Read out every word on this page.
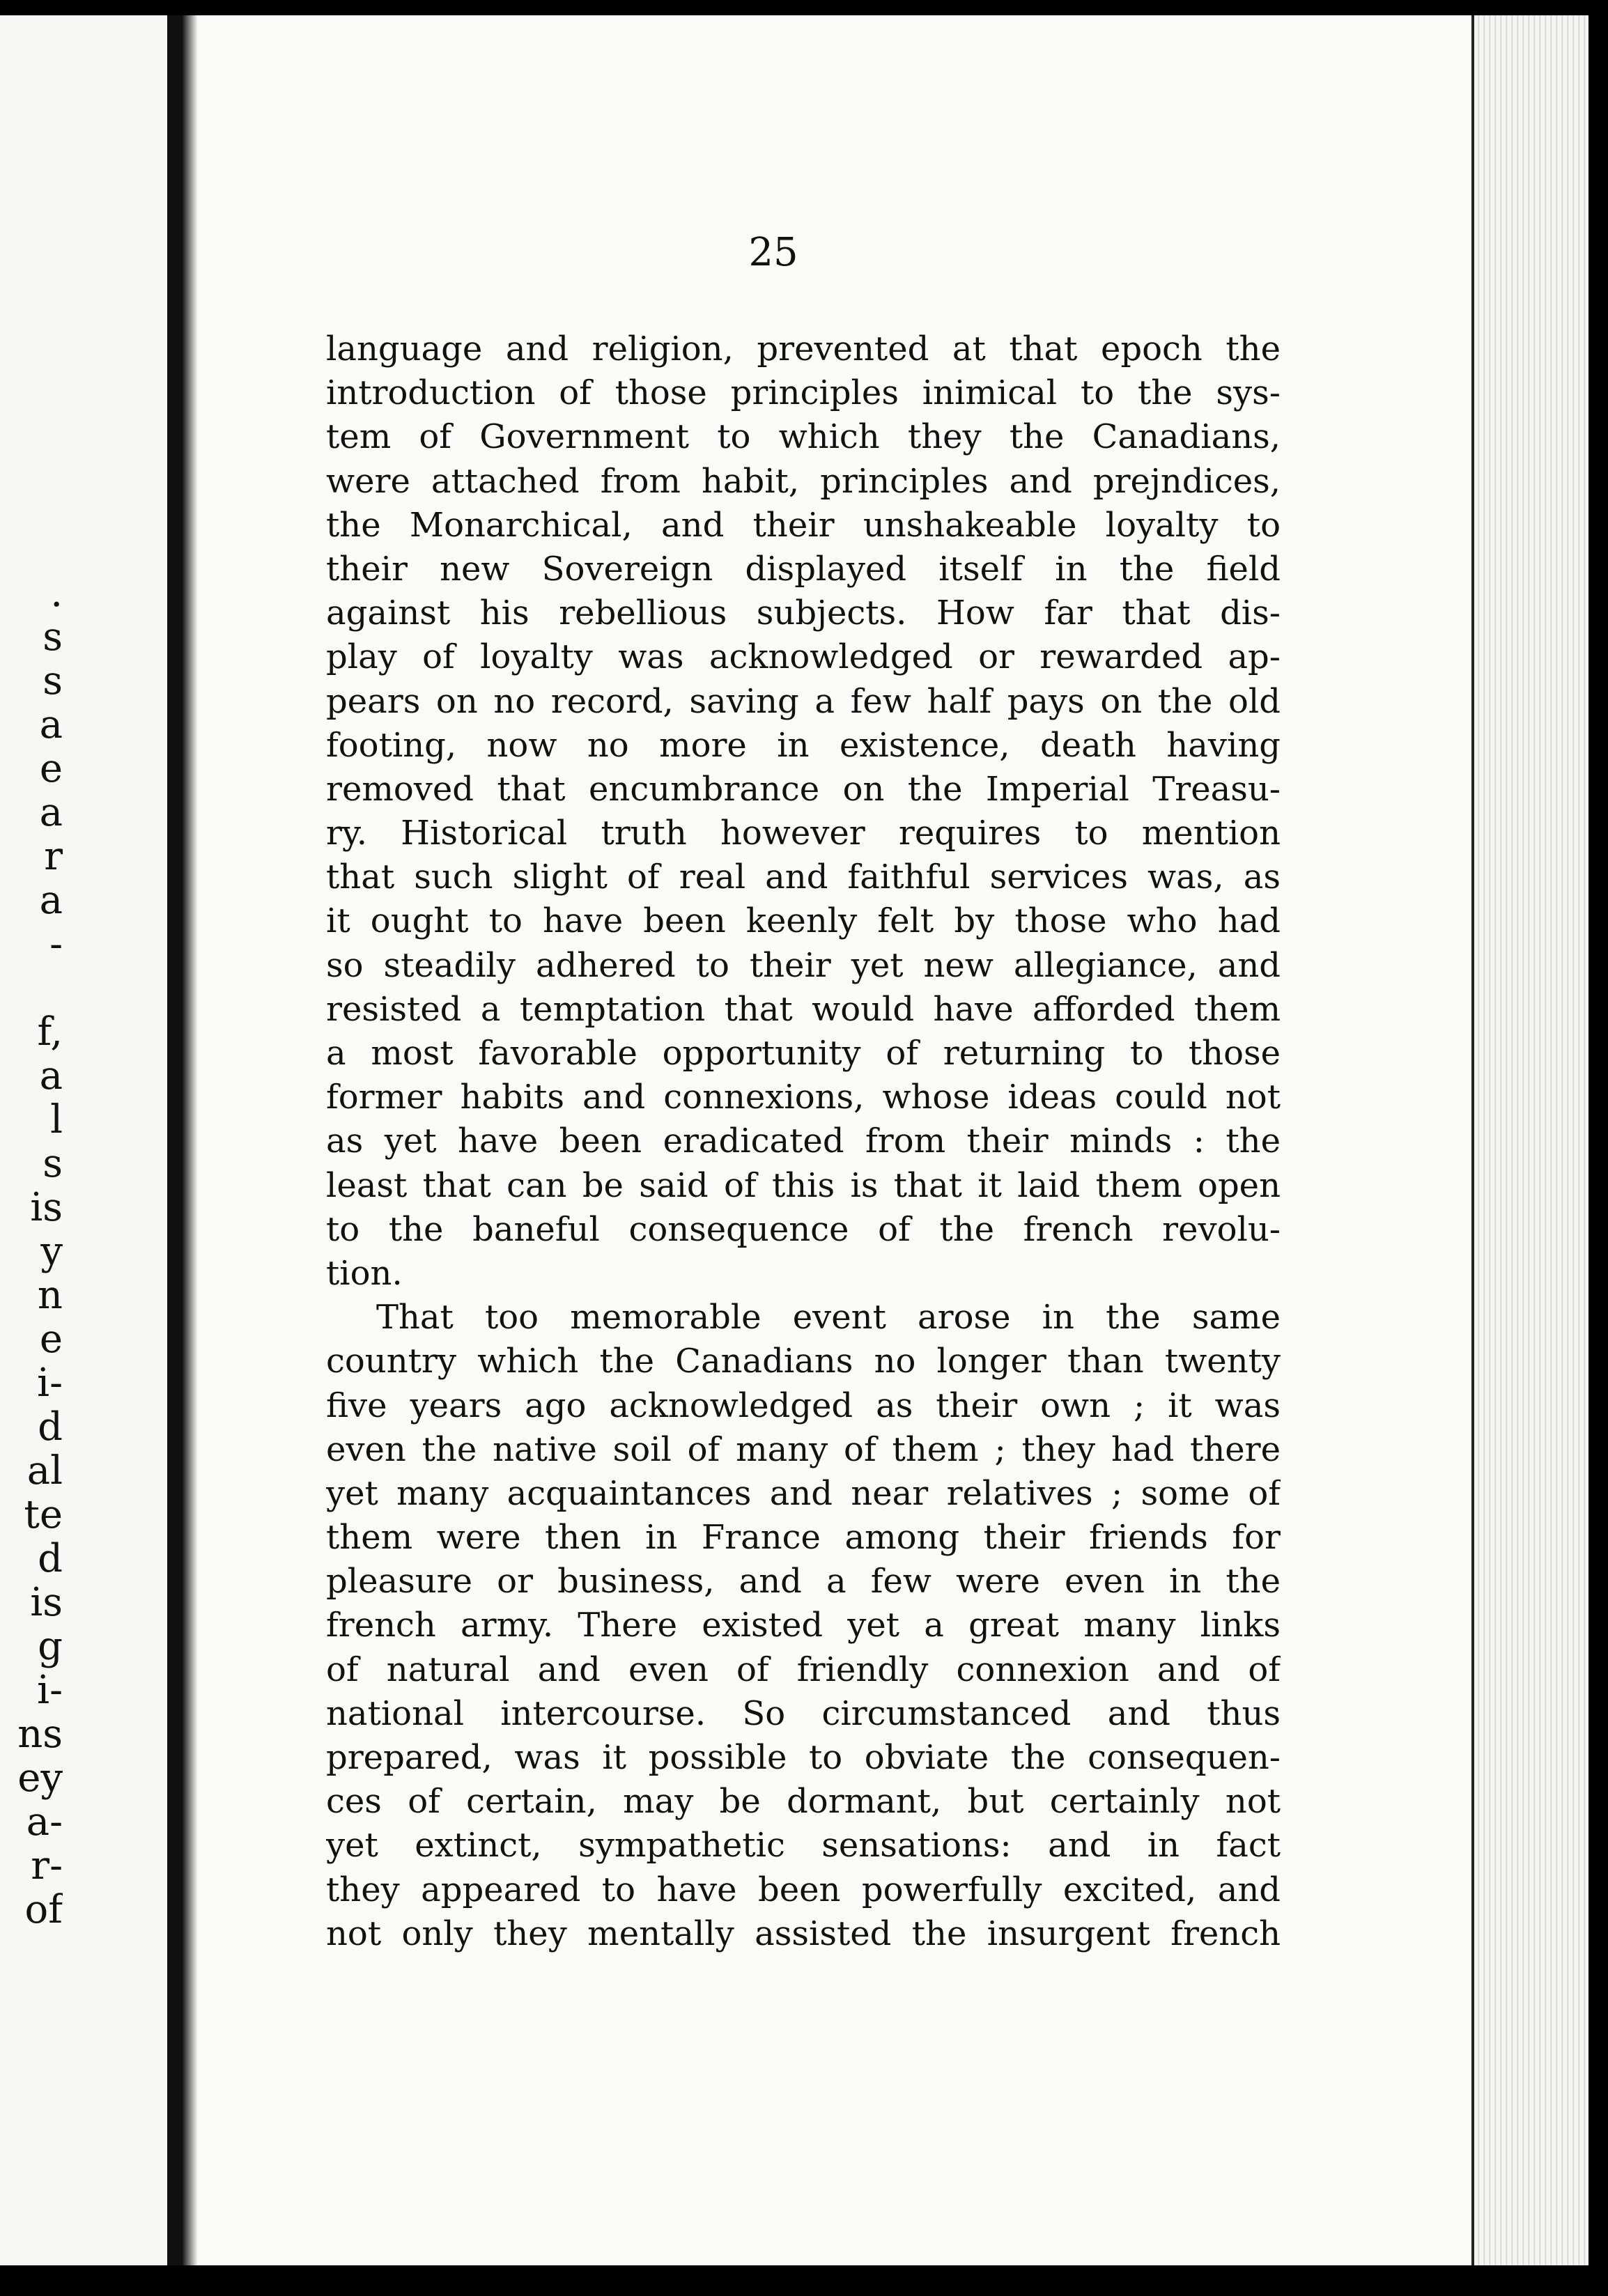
.
s
s
a
e
a
r
a
-
f,
a
l
s
is
y
n
e
i-
d
al
te
d
is
g
i-
ns
ey
a-
r-
of
25
language and religion, prevented at that epoch the
introduction of those principles inimical to the sys-
tem of Government to which they the Canadians,
were attached from habit, principles and prejndices,
the Monarchical, and their unshakeable loyalty to
their new Sovereign displayed itself in the field
against his rebellious subjects. How far that dis-
play of loyalty was acknowledged or rewarded ap-
pears on no record, saving a few half pays on the old
footing, now no more in existence, death having
removed that encumbrance on the Imperial Treasu-
ry. Historical truth however requires to mention
that such slight of real and faithful services was, as
it ought to have been keenly felt by those who had
so steadily adhered to their yet new allegiance, and
resisted a temptation that would have afforded them
a most favorable opportunity of returning to those
former habits and connexions, whose ideas could not
as yet have been eradicated from their minds : the
least that can be said of this is that it laid them open
to the baneful consequence of the french revolu-
tion.
That too memorable event arose in the same
country which the Canadians no longer than twenty
five years ago acknowledged as their own ; it was
even the native soil of many of them ; they had there
yet many acquaintances and near relatives ; some of
them were then in France among their friends for
pleasure or business, and a few were even in the
french army. There existed yet a great many links
of natural and even of friendly connexion and of
national intercourse. So circumstanced and thus
prepared, was it possible to obviate the consequen-
ces of certain, may be dormant, but certainly not
yet extinct, sympathetic sensations: and in fact
they appeared to have been powerfully excited, and
not only they mentally assisted the insurgent french
